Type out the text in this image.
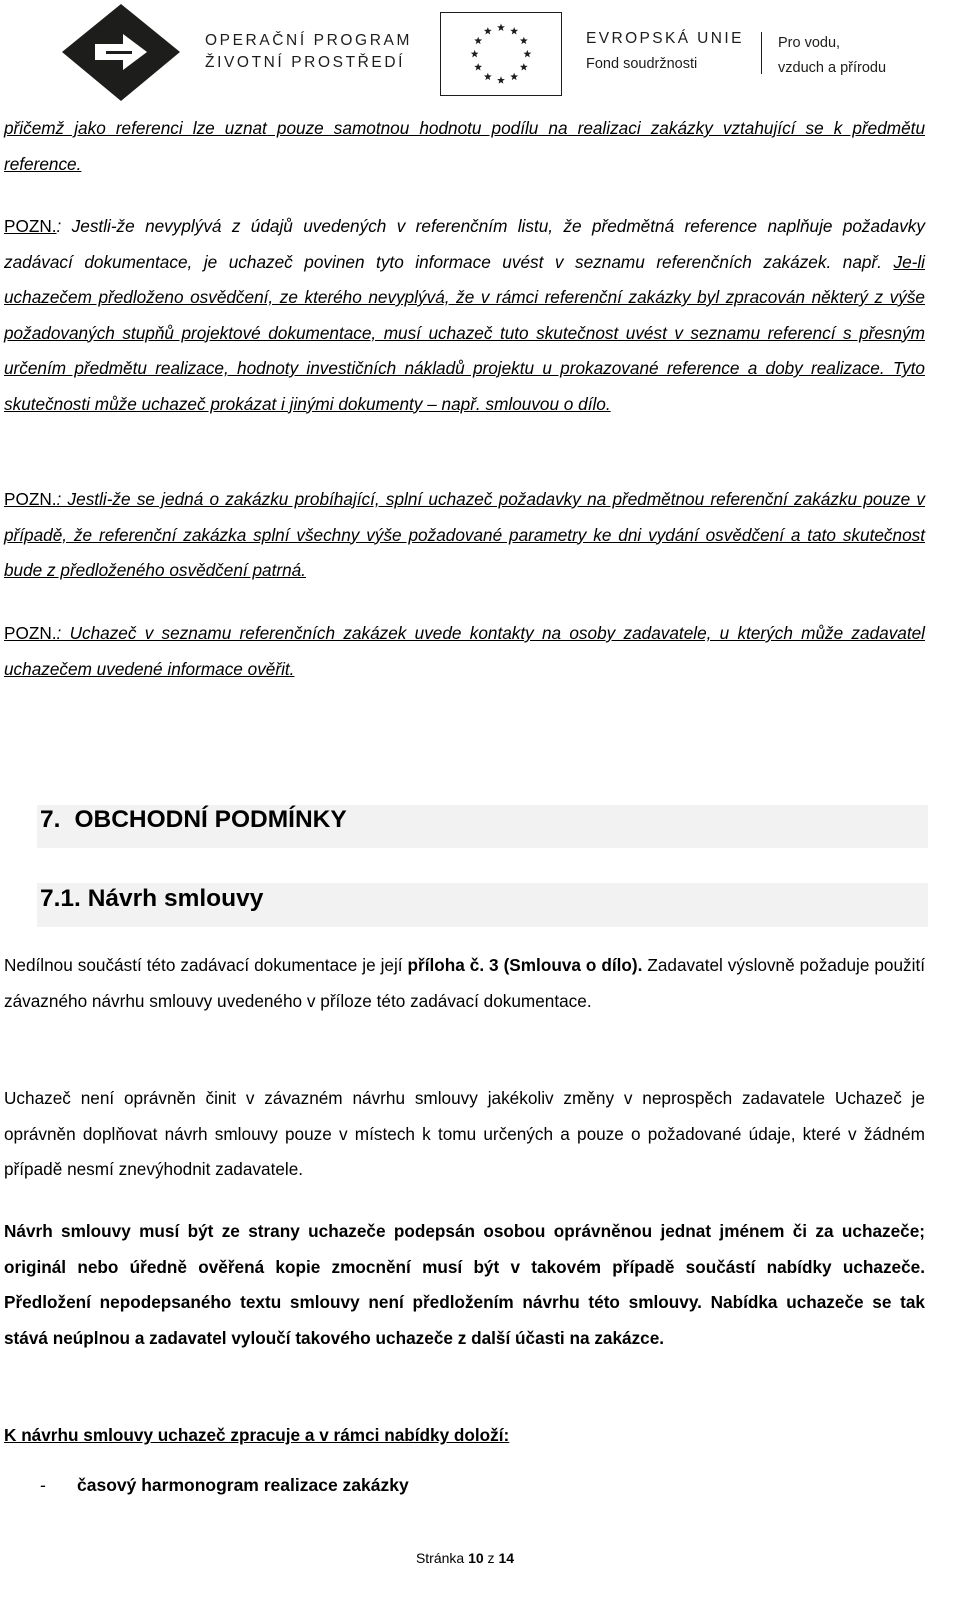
OPERAČNÍ PROGRAM
ŽIVOTNÍ PROSTŘEDÍ
EVROPSKÁ UNIE
Fond soudržnosti
Pro vodu,
vzduch a přírodu
přičemž jako referenci lze uznat pouze samotnou hodnotu podílu na realizaci zakázky vztahující se k předmětu reference.
POZN.: Jestli-že nevyplývá z údajů uvedených v referenčním listu, že předmětná reference naplňuje požadavky zadávací dokumentace, je uchazeč povinen tyto informace uvést v seznamu referenčních zakázek. např. Je-li uchazečem předloženo osvědčení, ze kterého nevyplývá, že v rámci referenční zakázky byl zpracován některý z výše požadovaných stupňů projektové dokumentace, musí uchazeč tuto skutečnost uvést v seznamu referencí s přesným určením předmětu realizace, hodnoty investičních nákladů projektu u prokazované reference a doby realizace. Tyto skutečnosti může uchazeč prokázat i jinými dokumenty – např. smlouvou o dílo.
POZN.: Jestli-že se jedná o zakázku probíhající, splní uchazeč požadavky na předmětnou referenční zakázku pouze v případě, že referenční zakázka splní všechny výše požadované parametry ke dni vydání osvědčení a tato skutečnost bude z předloženého osvědčení patrná.
POZN.: Uchazeč v seznamu referenčních zakázek uvede kontakty na osoby zadavatele, u kterých může zadavatel uchazečem uvedené informace ověřit.
7. OBCHODNÍ PODMÍNKY
7.1. Návrh smlouvy
Nedílnou součástí této zadávací dokumentace je její příloha č. 3 (Smlouva o dílo). Zadavatel výslovně požaduje použití závazného návrhu smlouvy uvedeného v příloze této zadávací dokumentace.
Uchazeč není oprávněn činit v závazném návrhu smlouvy jakékoliv změny v neprospěch zadavatele Uchazeč je oprávněn doplňovat návrh smlouvy pouze v místech k tomu určených a pouze o požadované údaje, které v žádném případě nesmí znevýhodnit zadavatele.
Návrh smlouvy musí být ze strany uchazeče podepsán osobou oprávněnou jednat jménem či za uchazeče; originál nebo úředně ověřená kopie zmocnění musí být v takovém případě součástí nabídky uchazeče. Předložení nepodepsaného textu smlouvy není předložením návrhu této smlouvy. Nabídka uchazeče se tak stává neúplnou a zadavatel vyloučí takového uchazeče z další účasti na zakázce.
K návrhu smlouvy uchazeč zpracuje a v rámci nabídky doloží:
- časový harmonogram realizace zakázky
Stránka 10 z 14
